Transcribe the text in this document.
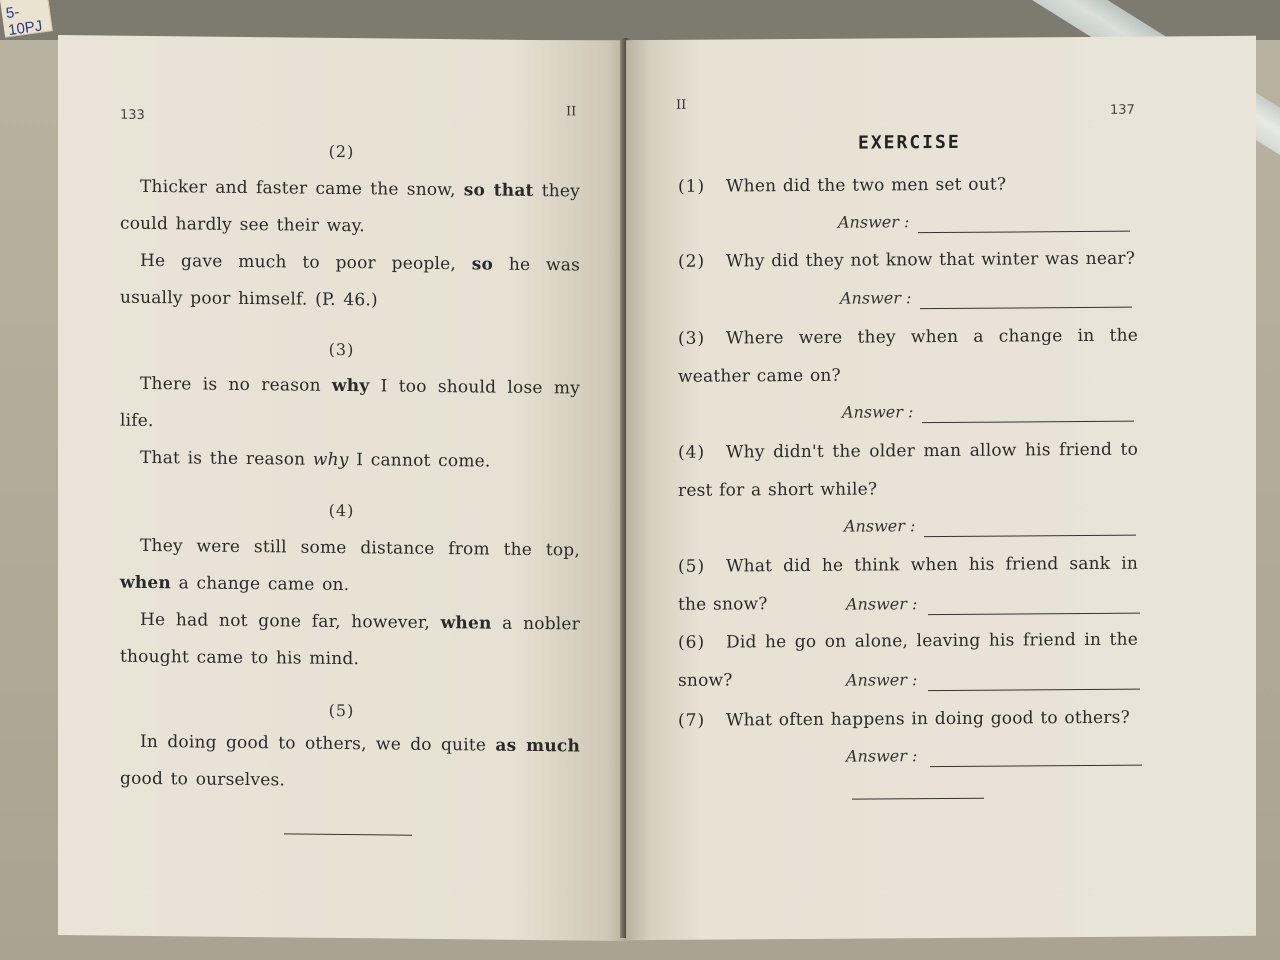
5-10PJ
133	II
(2)
Thicker and faster came the snow, so that they could hardly see their way.
He gave much to poor people, so he was usually poor himself. (P. 46.)
(3)
There is no reason why I too should lose my life.
That is the reason why I cannot come.
(4)
They were still some distance from the top, when a change came on.
He had not gone far, however, when a nobler thought came to his mind.
(5)
In doing good to others, we do quite as much good to ourselves.
II	137
EXERCISE
(1) When did the two men set out?
Answer :
(2) Why did they not know that winter was near?
Answer :
(3) Where were they when a change in the weather came on?
Answer :
(4) Why didn't the older man allow his friend to rest for a short while?
Answer :
(5) What did he think when his friend sank in the snow?	Answer :
(6) Did he go on alone, leaving his friend in the snow?	Answer :
(7) What often happens in doing good to others?
Answer :
